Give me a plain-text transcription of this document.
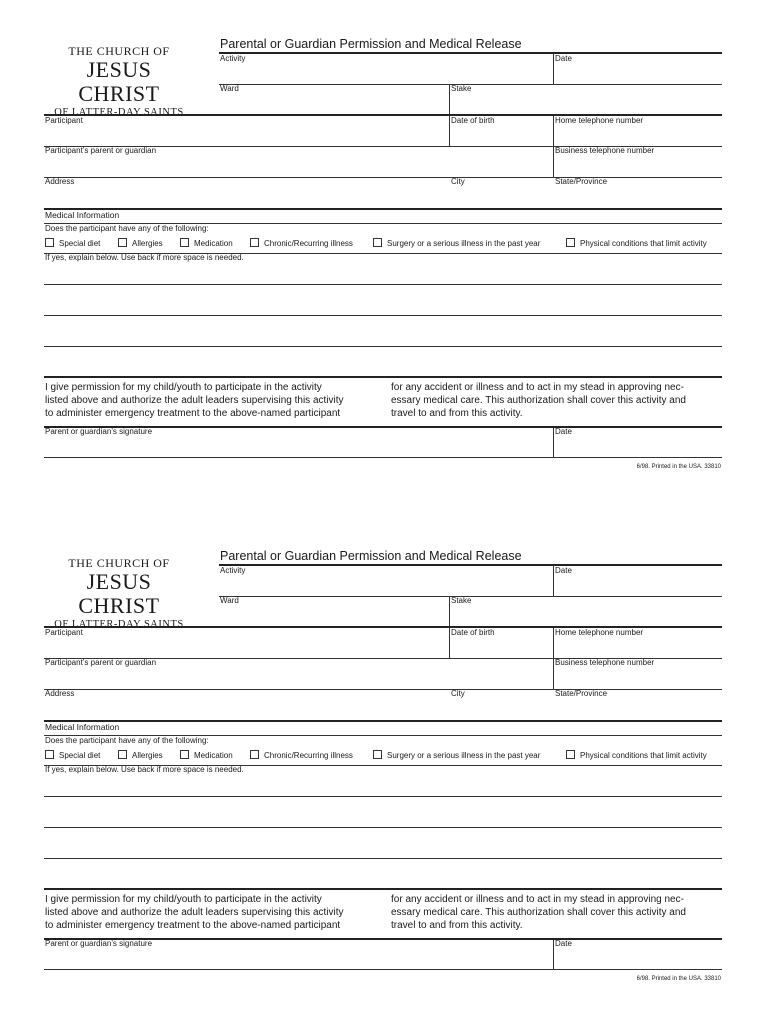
THE CHURCH OF
JESUS CHRIST
OF LATTER-DAY SAINTS
Parental or Guardian Permission and Medical Release
Activity	Date
Ward	Stake
Participant	Date of birth	Home telephone number
Participant’s parent or guardian	Business telephone number
Address	City	State/Province
Medical Information
Does the participant have any of the following:
Special diet	Allergies	Medication	Chronic/Recurring illness	Surgery or a serious illness in the past year	Physical conditions that limit activity
If yes, explain below. Use back if more space is needed.
I give permission for my child/youth to participate in the activity
listed above and authorize the adult leaders supervising this activity
to administer emergency treatment to the above-named participant
for any accident or illness and to act in my stead in approving nec-
essary medical care. This authorization shall cover this activity and
travel to and from this activity.
Parent or guardian’s signature	Date
6/98. Printed in the USA. 33810
THE CHURCH OF
JESUS CHRIST
OF LATTER-DAY SAINTS
Parental or Guardian Permission and Medical Release
Activity	Date
Ward	Stake
Participant	Date of birth	Home telephone number
Participant’s parent or guardian	Business telephone number
Address	City	State/Province
Medical Information
Does the participant have any of the following:
Special diet	Allergies	Medication	Chronic/Recurring illness	Surgery or a serious illness in the past year	Physical conditions that limit activity
If yes, explain below. Use back if more space is needed.
I give permission for my child/youth to participate in the activity
listed above and authorize the adult leaders supervising this activity
to administer emergency treatment to the above-named participant
for any accident or illness and to act in my stead in approving nec-
essary medical care. This authorization shall cover this activity and
travel to and from this activity.
Parent or guardian’s signature	Date
6/98. Printed in the USA. 33810
